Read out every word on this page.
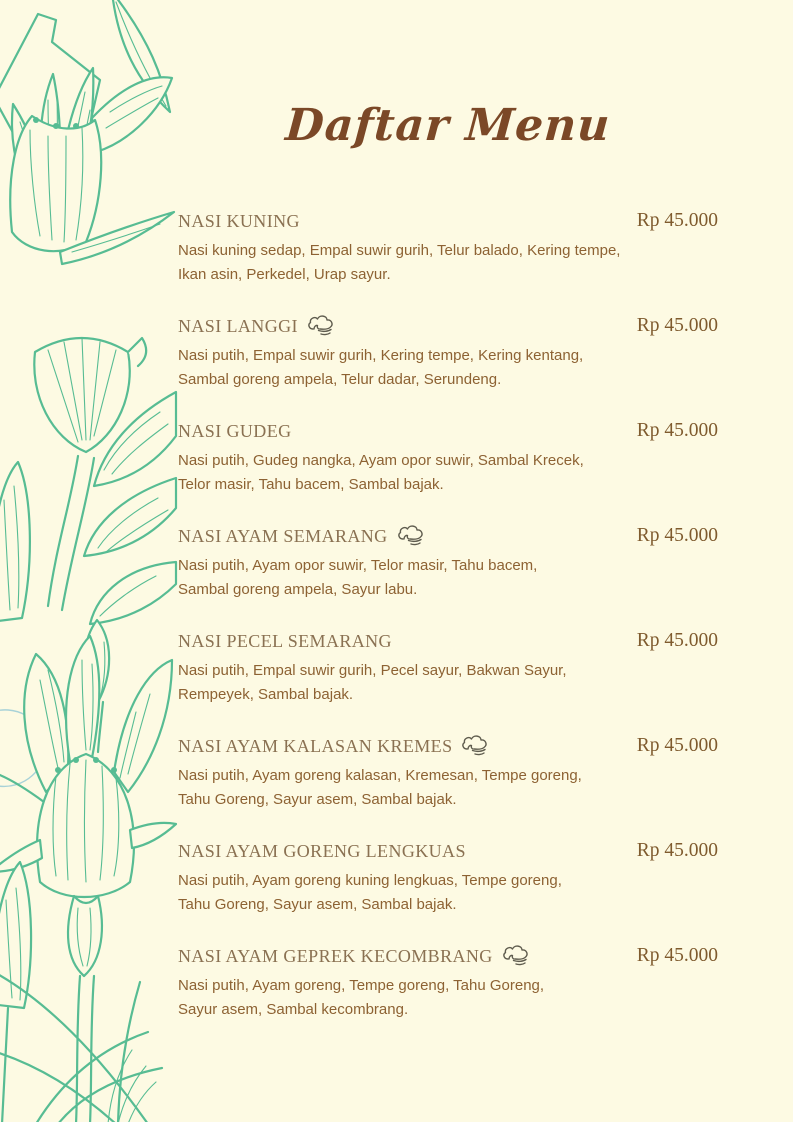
Daftar Menu
NASI KUNING	Rp 45.000
Nasi kuning sedap, Empal suwir gurih, Telur balado, Kering tempe,
Ikan asin, Perkedel, Urap sayur.
NASI LANGGI	Rp 45.000
Nasi putih, Empal suwir gurih, Kering tempe, Kering kentang,
Sambal goreng ampela, Telur dadar, Serundeng.
NASI GUDEG	Rp 45.000
Nasi putih, Gudeg nangka, Ayam opor suwir, Sambal Krecek,
Telor masir, Tahu bacem, Sambal bajak.
NASI AYAM SEMARANG	Rp 45.000
Nasi putih, Ayam opor suwir, Telor masir, Tahu bacem,
Sambal goreng ampela, Sayur labu.
NASI PECEL SEMARANG	Rp 45.000
Nasi putih, Empal suwir gurih, Pecel sayur, Bakwan Sayur,
Rempeyek, Sambal bajak.
NASI AYAM KALASAN KREMES	Rp 45.000
Nasi putih, Ayam goreng kalasan, Kremesan, Tempe goreng,
Tahu Goreng, Sayur asem, Sambal bajak.
NASI AYAM GORENG LENGKUAS	Rp 45.000
Nasi putih, Ayam goreng kuning lengkuas, Tempe goreng,
Tahu Goreng, Sayur asem, Sambal bajak.
NASI AYAM GEPREK KECOMBRANG	Rp 45.000
Nasi putih, Ayam goreng, Tempe goreng, Tahu Goreng,
Sayur asem, Sambal kecombrang.
